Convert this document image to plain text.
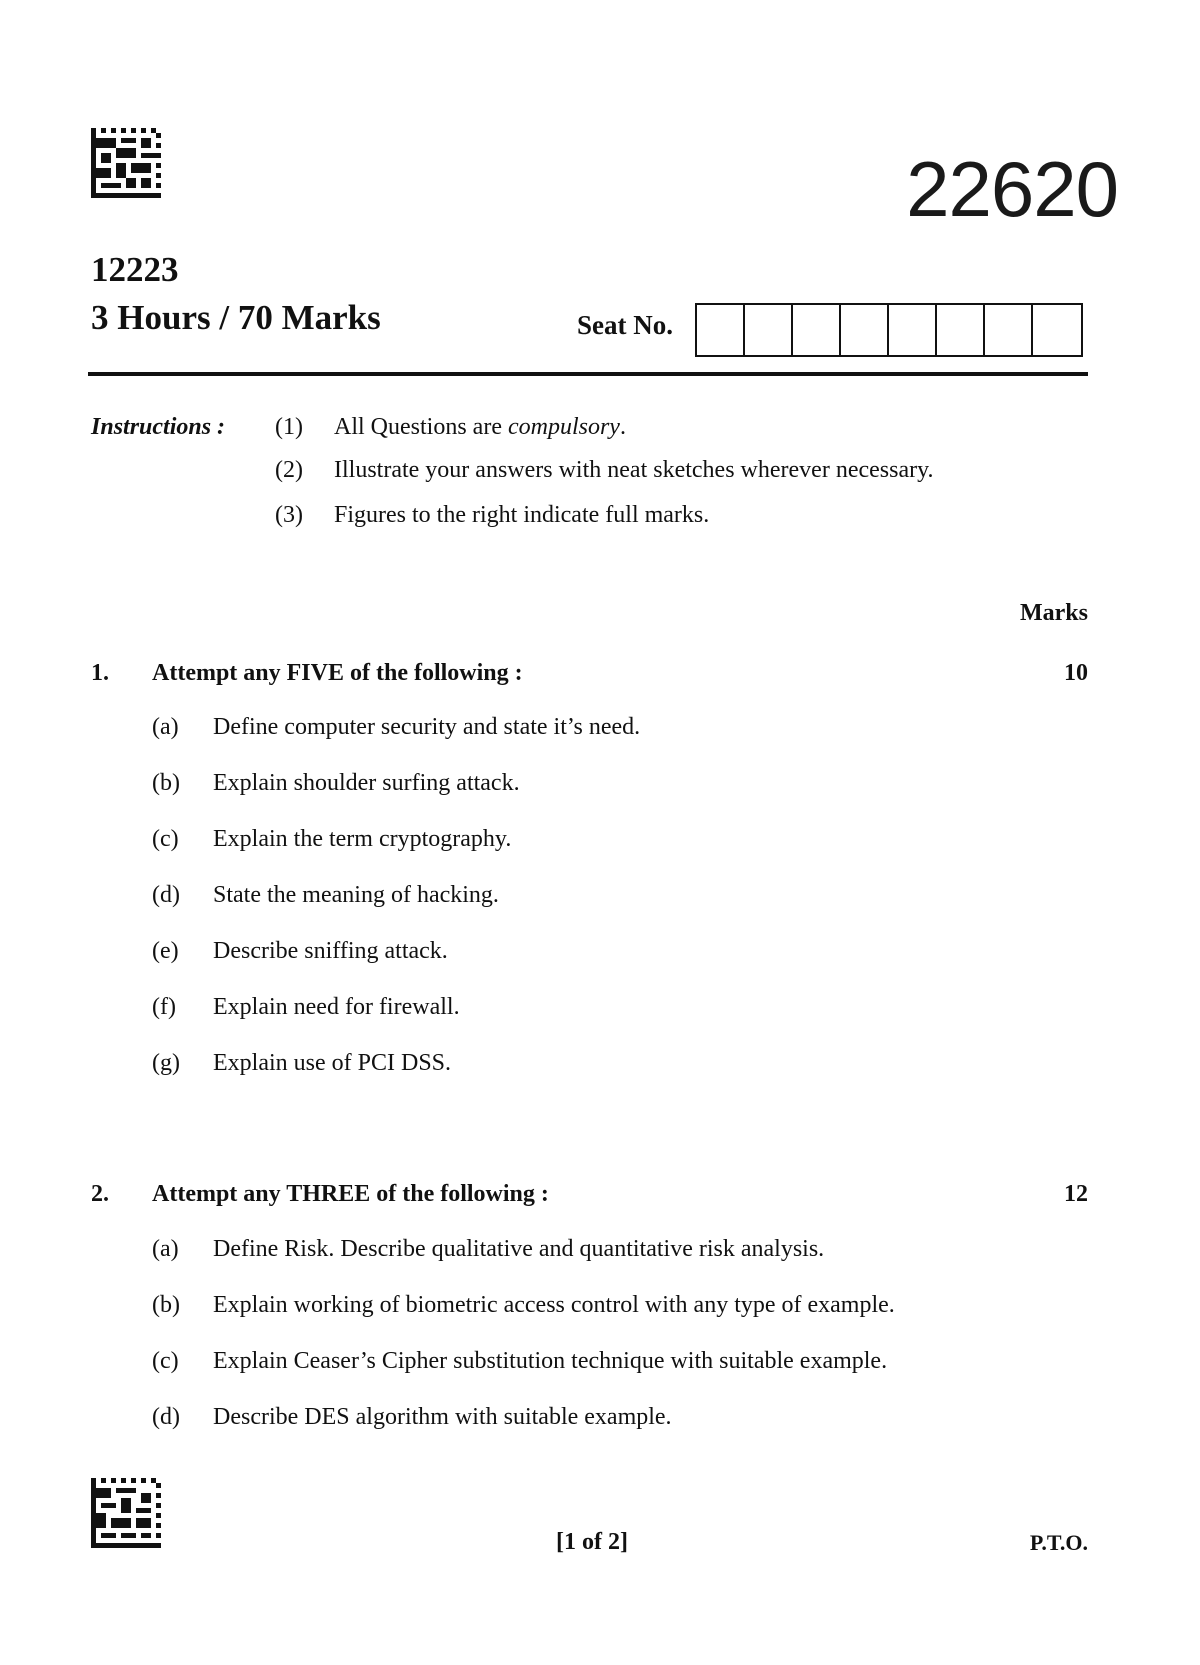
22620
12223
3 Hours / 70 Marks	Seat No.
Instructions : (1) All Questions are compulsory.
(2) Illustrate your answers with neat sketches wherever necessary.
(3) Figures to the right indicate full marks.
Marks
1. Attempt any FIVE of the following :	10
(a) Define computer security and state it’s need.
(b) Explain shoulder surfing attack.
(c) Explain the term cryptography.
(d) State the meaning of hacking.
(e) Describe sniffing attack.
(f) Explain need for firewall.
(g) Explain use of PCI DSS.
2. Attempt any THREE of the following :	12
(a) Define Risk. Describe qualitative and quantitative risk analysis.
(b) Explain working of biometric access control with any type of example.
(c) Explain Ceaser’s Cipher substitution technique with suitable example.
(d) Describe DES algorithm with suitable example.
[1 of 2]	P.T.O.
